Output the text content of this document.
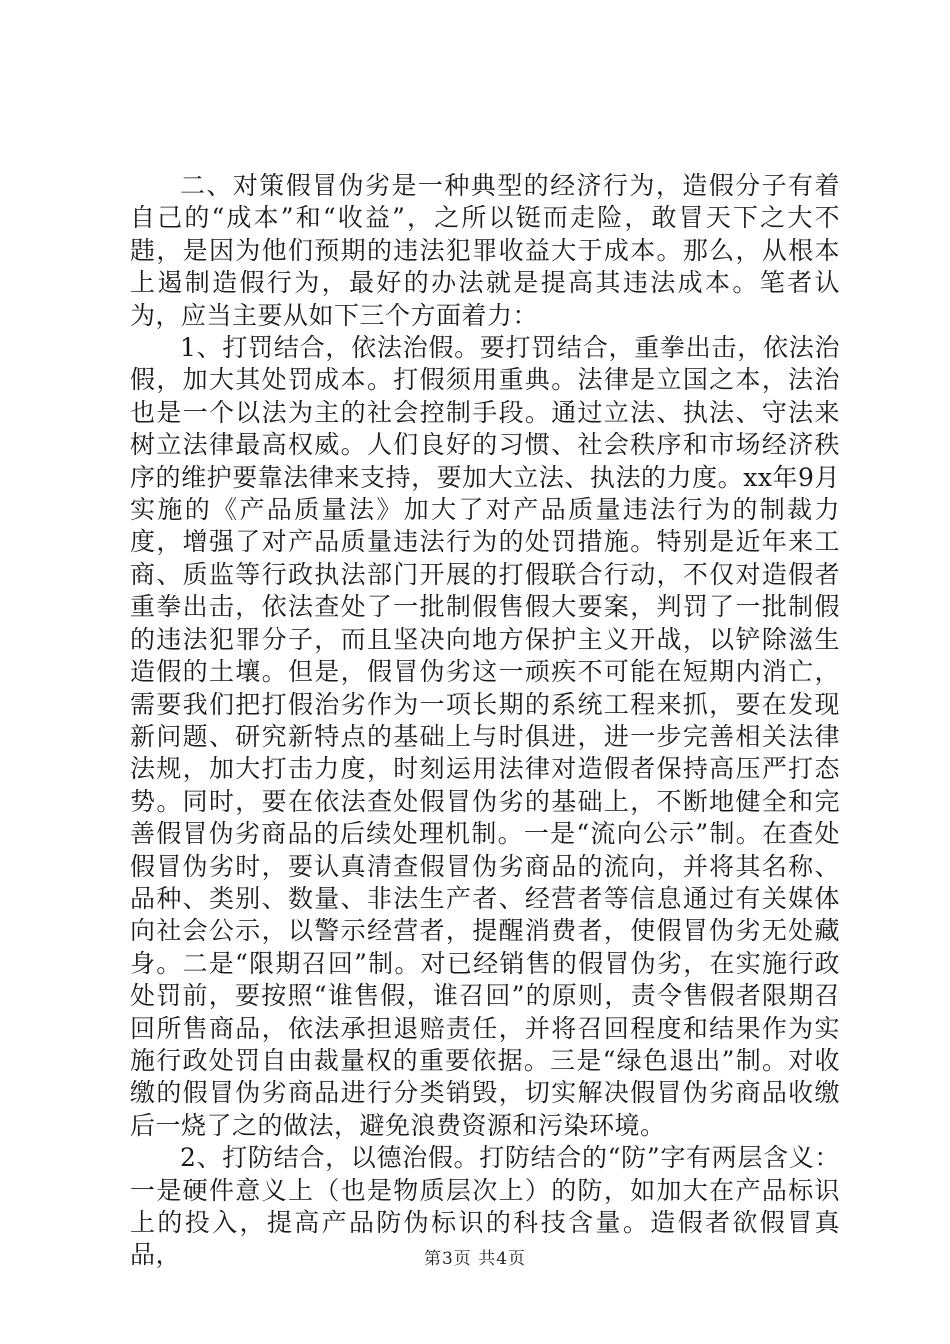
二、对策假冒伪劣是一种典型的经济行为，造假分子有着自己的“成本”和“收益”，之所以铤而走险，敢冒天下之大不韪，是因为他们预期的违法犯罪收益大于成本。那么，从根本上遏制造假行为，最好的办法就是提高其违法成本。笔者认为，应当主要从如下三个方面着力：

1、打罚结合，依法治假。要打罚结合，重拳出击，依法治假，加大其处罚成本。打假须用重典。法律是立国之本，法治也是一个以法为主的社会控制手段。通过立法、执法、守法来树立法律最高权威。人们良好的习惯、社会秩序和市场经济秩序的维护要靠法律来支持，要加大立法、执法的力度。xx年9月实施的《产品质量法》加大了对产品质量违法行为的制裁力度，增强了对产品质量违法行为的处罚措施。特别是近年来工商、质监等行政执法部门开展的打假联合行动，不仅对造假者重拳出击，依法查处了一批制假售假大要案，判罚了一批制假的违法犯罪分子，而且坚决向地方保护主义开战，以铲除滋生造假的土壤。但是，假冒伪劣这一顽疾不可能在短期内消亡，需要我们把打假治劣作为一项长期的系统工程来抓，要在发现新问题、研究新特点的基础上与时俱进，进一步完善相关法律法规，加大打击力度，时刻运用法律对造假者保持高压严打态势。同时，要在依法查处假冒伪劣的基础上，不断地健全和完善假冒伪劣商品的后续处理机制。一是“流向公示”制。在查处假冒伪劣时，要认真清查假冒伪劣商品的流向，并将其名称、品种、类别、数量、非法生产者、经营者等信息通过有关媒体向社会公示，以警示经营者，提醒消费者，使假冒伪劣无处藏身。二是“限期召回”制。对已经销售的假冒伪劣，在实施行政处罚前，要按照“谁售假，谁召回”的原则，责令售假者限期召回所售商品，依法承担退赔责任，并将召回程度和结果作为实施行政处罚自由裁量权的重要依据。三是“绿色退出”制。对收缴的假冒伪劣商品进行分类销毁，切实解决假冒伪劣商品收缴后一烧了之的做法，避免浪费资源和污染环境。

2、打防结合，以德治假。打防结合的“防”字有两层含义：一是硬件意义上（也是物质层次上）的防，如加大在产品标识上的投入，提高产品防伪标识的科技含量。造假者欲假冒真品，	第3页 共4页
